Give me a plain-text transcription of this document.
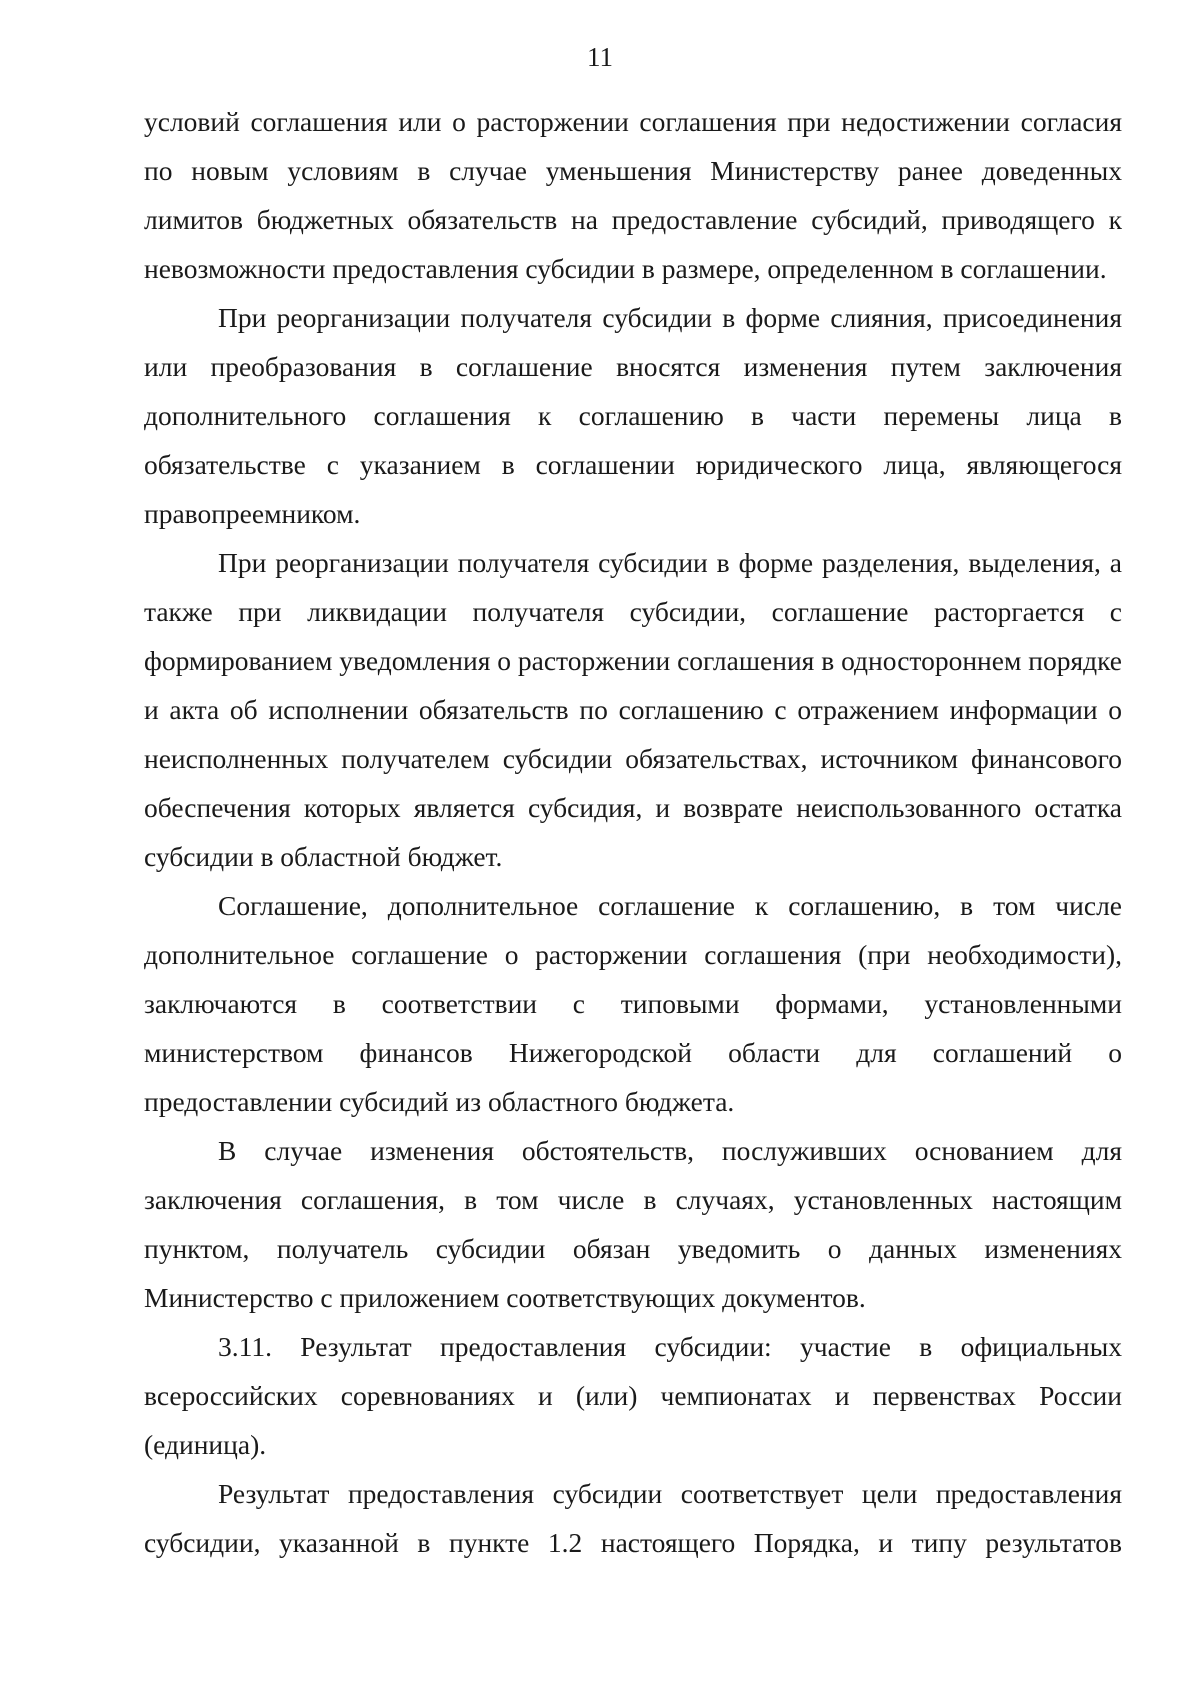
11

условий соглашения или о расторжении соглашения при недостижении согласия по новым условиям в случае уменьшения Министерству ранее доведенных лимитов бюджетных обязательств на предоставление субсидий, приводящего к невозможности предоставления субсидии в размере, определенном в соглашении.

При реорганизации получателя субсидии в форме слияния, присоединения или преобразования в соглашение вносятся изменения путем заключения дополнительного соглашения к соглашению в части перемены лица в обязательстве с указанием в соглашении юридического лица, являющегося правопреемником.

При реорганизации получателя субсидии в форме разделения, выделения, а также при ликвидации получателя субсидии, соглашение расторгается с формированием уведомления о расторжении соглашения в одностороннем порядке и акта об исполнении обязательств по соглашению с отражением информации о неисполненных получателем субсидии обязательствах, источником финансового обеспечения которых является субсидия, и возврате неиспользованного остатка субсидии в областной бюджет.

Соглашение, дополнительное соглашение к соглашению, в том числе дополнительное соглашение о расторжении соглашения (при необходимости), заключаются в соответствии с типовыми формами, установленными министерством финансов Нижегородской области для соглашений о предоставлении субсидий из областного бюджета.

В случае изменения обстоятельств, послуживших основанием для заключения соглашения, в том числе в случаях, установленных настоящим пунктом, получатель субсидии обязан уведомить о данных изменениях Министерство с приложением соответствующих документов.

3.11. Результат предоставления субсидии: участие в официальных всероссийских соревнованиях и (или) чемпионатах и первенствах России (единица).

Результат предоставления субсидии соответствует цели предоставления субсидии, указанной в пункте 1.2 настоящего Порядка, и типу результатов
